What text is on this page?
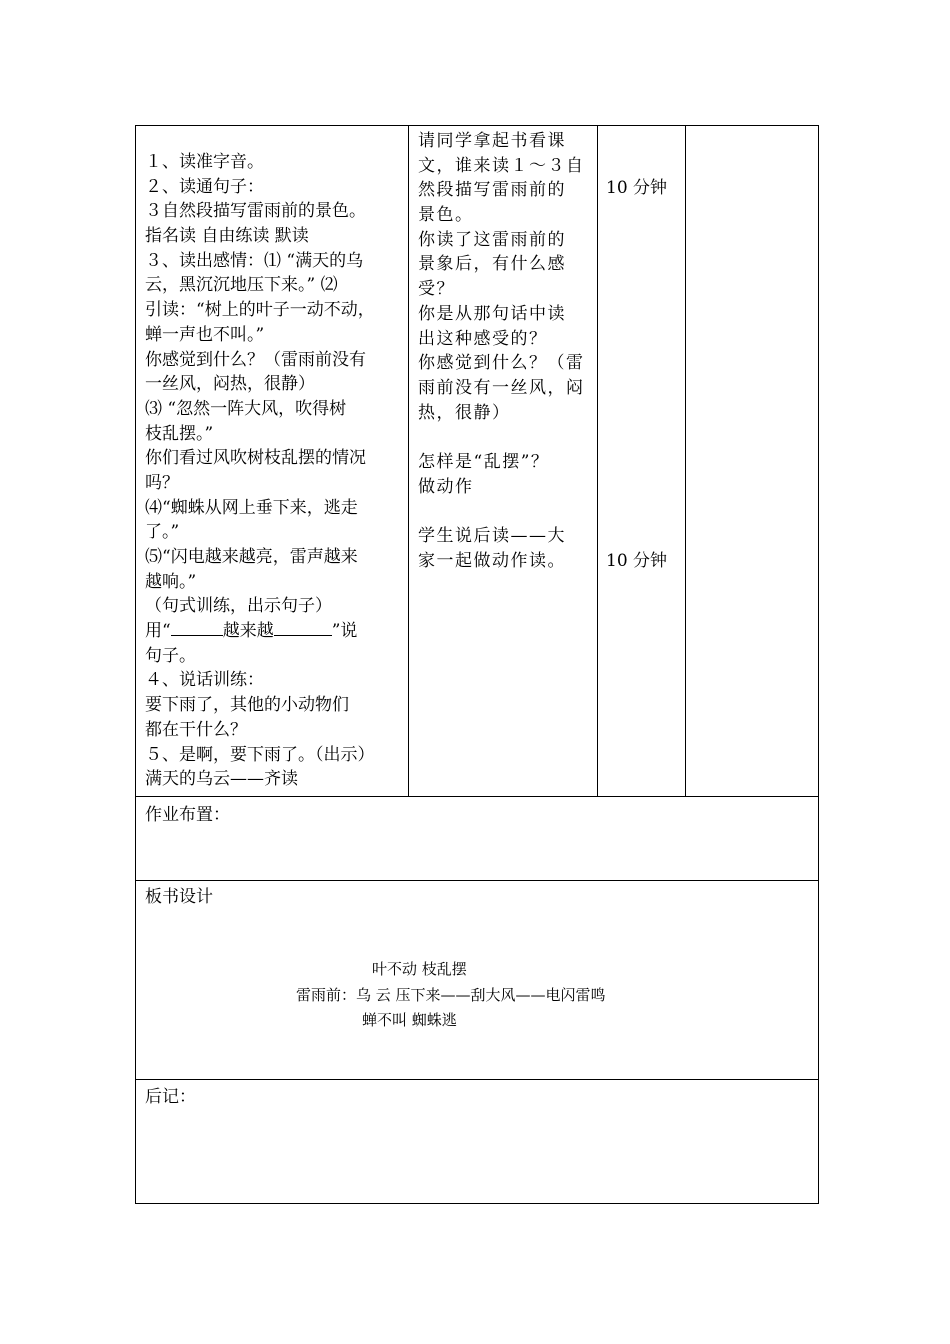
１、读准字音。
２、读通句子：
３自然段描写雷雨前的景色。
指名读 自由练读 默读
３、读出感情：⑴ “满天的乌
云，黑沉沉地压下来。” ⑵
引读：“树上的叶子一动不动，
蝉一声也不叫。”
你感觉到什么？（雷雨前没有
一丝风，闷热，很静）
⑶ “忽然一阵大风，吹得树
枝乱摆。”
你们看过风吹树枝乱摆的情况
吗？
⑷“蜘蛛从网上垂下来，逃走
了。”
⑸“闪电越来越亮，雷声越来
越响。”
（句式训练，出示句子）
用“	越来越	”说
句子。
４、说话训练：
要下雨了，其他的小动物们
都在干什么？
５、是啊，要下雨了。（出示）
满天的乌云——齐读
请同学拿起书看课
文，谁来读１～３自
然段描写雷雨前的
景色。
你读了这雷雨前的
景象后，有什么感
受？
你是从那句话中读
出这种感受的？
你感觉到什么？（雷
雨前没有一丝风，闷
热，很静）
怎样是“乱摆”？
做动作
学生说后读——大
家一起做动作读。
10 分钟
10 分钟
作业布置：
板书设计
叶不动 枝乱摆
雷雨前：乌 云 压下来——刮大风——电闪雷鸣
蝉不叫 蜘蛛逃
后记：
